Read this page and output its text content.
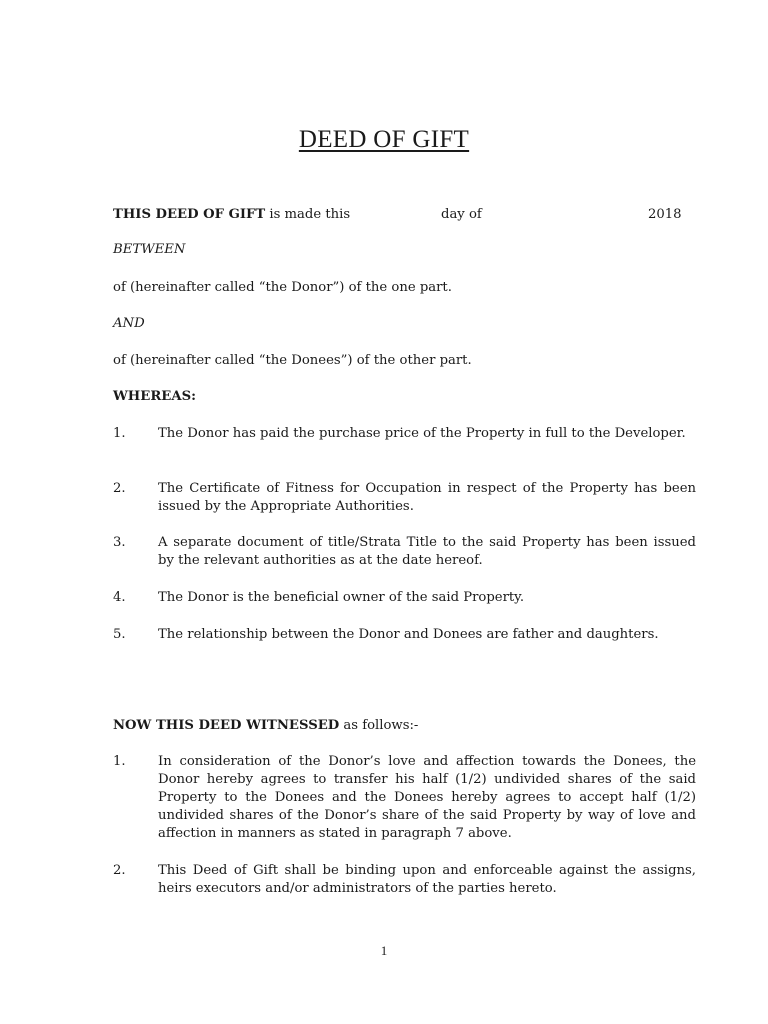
DEED OF GIFT
THIS DEED OF GIFT is made this	day of	2018
BETWEEN
of (hereinafter called “the Donor”) of the one part.
AND
of (hereinafter called “the Donees”) of the other part.
WHEREAS:
1.	The Donor has paid the purchase price of the Property in full to the Developer.
2.	The Certificate of Fitness for Occupation in respect of the Property has been issued by the Appropriate Authorities.
3.	A separate document of title/Strata Title to the said Property has been issued by the relevant authorities as at the date hereof.
4.	The Donor is the beneficial owner of the said Property.
5.	The relationship between the Donor and Donees are father and daughters.
NOW THIS DEED WITNESSED as follows:-
1.	In consideration of the Donor’s love and affection towards the Donees, the Donor hereby agrees to transfer his half (1/2) undivided shares of the said Property to the Donees and the Donees hereby agrees to accept half (1/2) undivided shares of the Donor’s share of the said Property by way of love and affection in manners as stated in paragraph 7 above.
2.	This Deed of Gift shall be binding upon and enforceable against the assigns, heirs executors and/or administrators of the parties hereto.
1
